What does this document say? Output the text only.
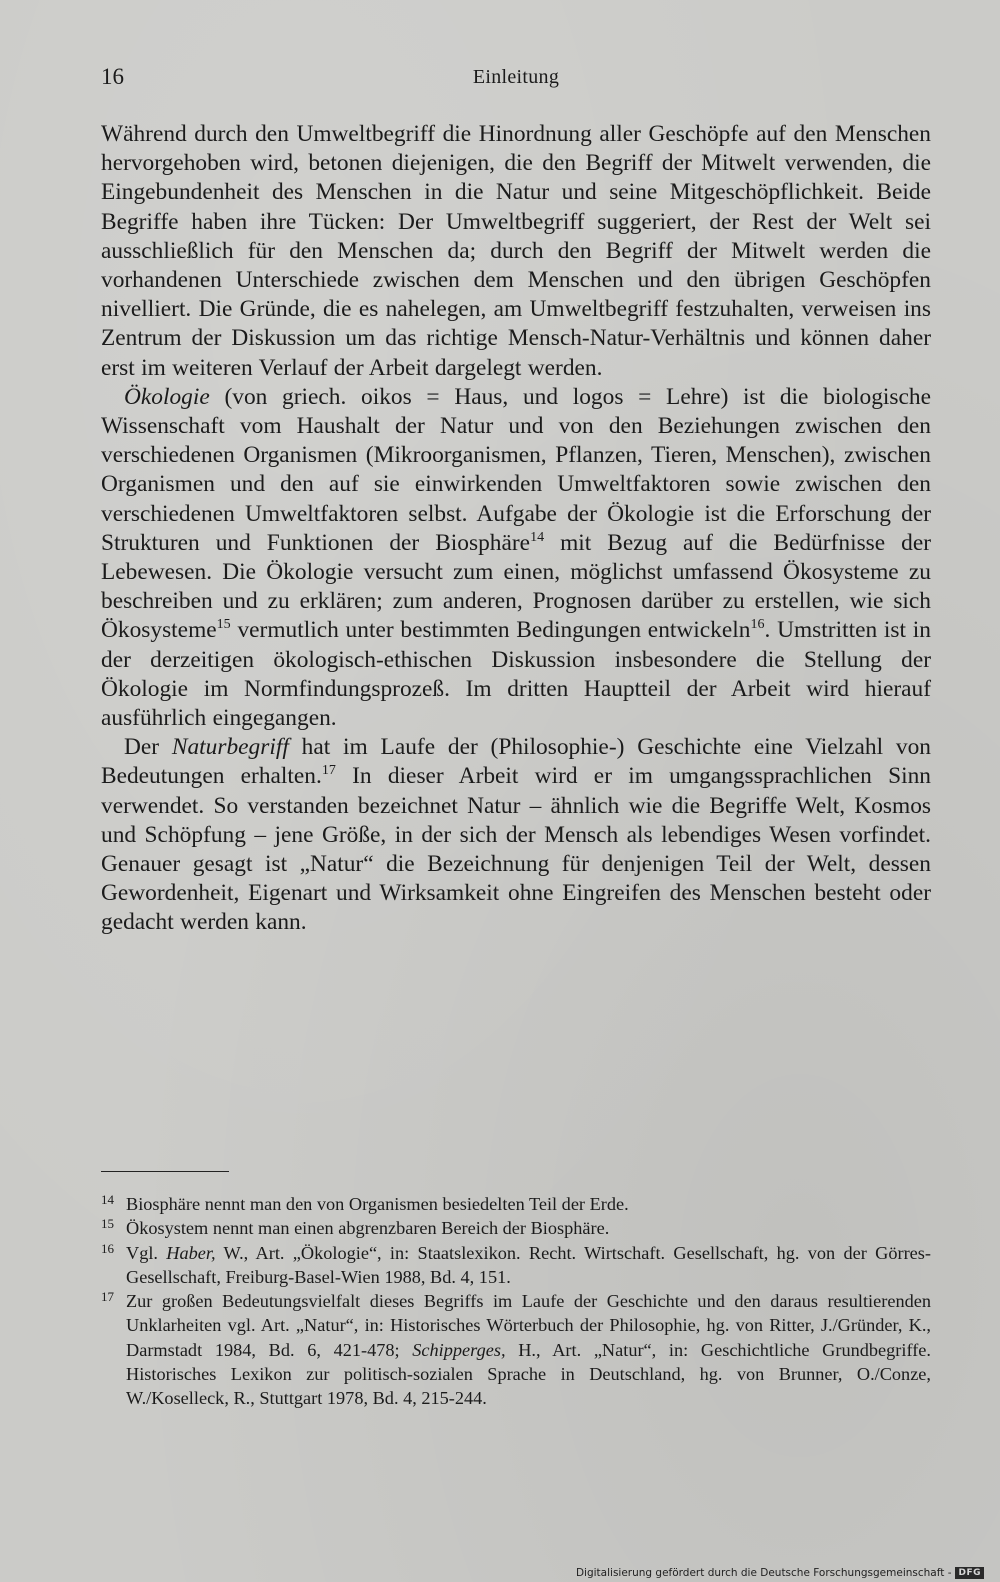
16	Einleitung

Während durch den Umweltbegriff die Hinordnung aller Geschöpfe auf den Menschen hervorgehoben wird, betonen diejenigen, die den Begriff der Mitwelt verwenden, die Eingebundenheit des Menschen in die Natur und seine Mitgeschöpflichkeit. Beide Begriffe haben ihre Tücken: Der Umweltbegriff suggeriert, der Rest der Welt sei ausschließlich für den Menschen da; durch den Begriff der Mitwelt werden die vorhandenen Unterschiede zwischen dem Menschen und den übrigen Geschöpfen nivelliert. Die Gründe, die es nahelegen, am Umweltbegriff festzuhalten, verweisen ins Zentrum der Diskussion um das richtige Mensch-Natur-Verhältnis und können daher erst im weiteren Verlauf der Arbeit dargelegt werden.

Ökologie (von griech. oikos = Haus, und logos = Lehre) ist die biologische Wissenschaft vom Haushalt der Natur und von den Beziehungen zwischen den verschiedenen Organismen (Mikroorganismen, Pflanzen, Tieren, Menschen), zwischen Organismen und den auf sie einwirkenden Umweltfaktoren sowie zwischen den verschiedenen Umweltfaktoren selbst. Aufgabe der Ökologie ist die Erforschung der Strukturen und Funktionen der Biosphäre$^{14}$ mit Bezug auf die Bedürfnisse der Lebewesen. Die Ökologie versucht zum einen, möglichst umfassend Ökosysteme zu beschreiben und zu erklären; zum anderen, Prognosen darüber zu erstellen, wie sich Ökosysteme$^{15}$ vermutlich unter bestimmten Bedingungen entwickeln$^{16}$. Umstritten ist in der derzeitigen ökologisch-ethischen Diskussion insbesondere die Stellung der Ökologie im Normfindungsprozeß. Im dritten Hauptteil der Arbeit wird hierauf ausführlich eingegangen.

Der Naturbegriff hat im Laufe der (Philosophie-) Geschichte eine Vielzahl von Bedeutungen erhalten.$^{17}$ In dieser Arbeit wird er im umgangssprachlichen Sinn verwendet. So verstanden bezeichnet Natur – ähnlich wie die Begriffe Welt, Kosmos und Schöpfung – jene Größe, in der sich der Mensch als lebendiges Wesen vorfindet. Genauer gesagt ist „Natur“ die Bezeichnung für denjenigen Teil der Welt, dessen Gewordenheit, Eigenart und Wirksamkeit ohne Eingreifen des Menschen besteht oder gedacht werden kann.

14 Biosphäre nennt man den von Organismen besiedelten Teil der Erde.

15 Ökosystem nennt man einen abgrenzbaren Bereich der Biosphäre.

16 Vgl. Haber, W., Art. „Ökologie“, in: Staatslexikon. Recht. Wirtschaft. Gesellschaft, hg. von der Görres-Gesellschaft, Freiburg-Basel-Wien 1988, Bd. 4, 151.

17 Zur großen Bedeutungsvielfalt dieses Begriffs im Laufe der Geschichte und den daraus resultierenden Unklarheiten vgl. Art. „Natur“, in: Historisches Wörterbuch der Philosophie, hg. von Ritter, J./Gründer, K., Darmstadt 1984, Bd. 6, 421-478; Schipperges, H., Art. „Natur“, in: Geschichtliche Grundbegriffe. Historisches Lexikon zur politisch-sozialen Sprache in Deutschland, hg. von Brunner, O./Conze, W./Koselleck, R., Stuttgart 1978, Bd. 4, 215-244.

Digitalisierung gefördert durch die Deutsche Forschungsgemeinschaft - DFG
